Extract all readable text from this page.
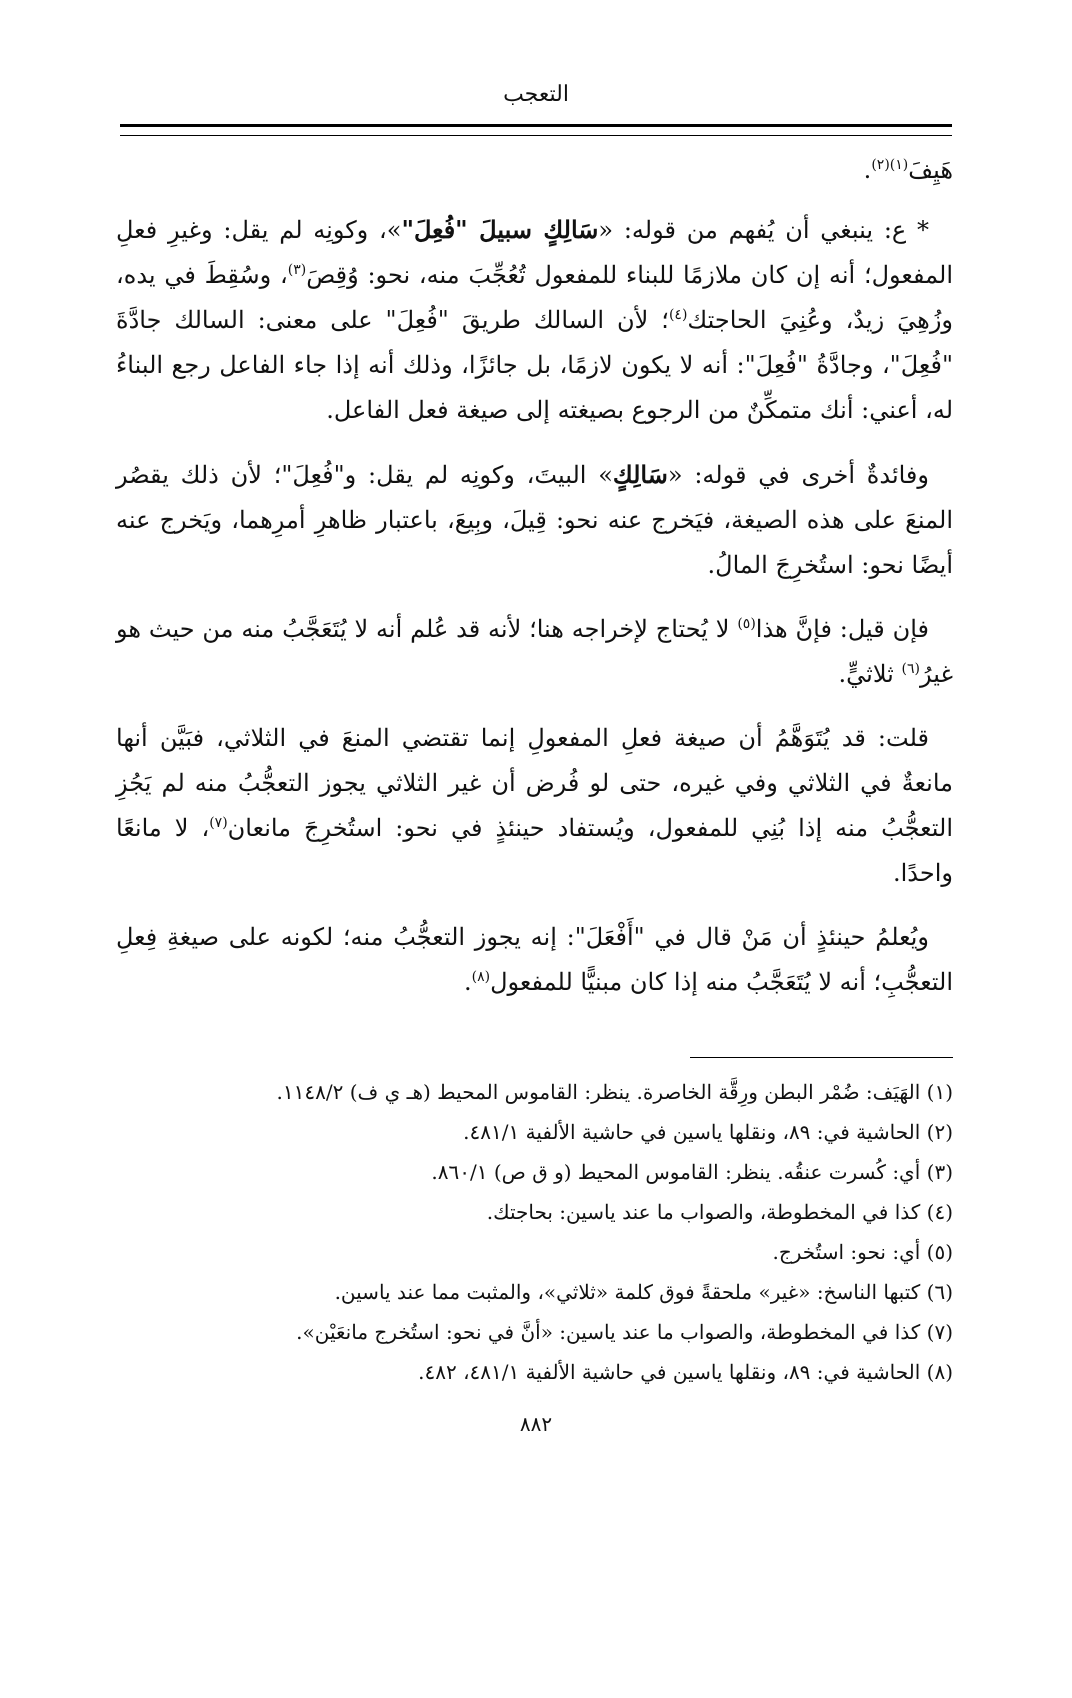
التعجب

هَيِفَ$^{(١)(٢)}$.

* ع: ينبغي أن يُفهم من قوله: «سَالِكٍ سبيلَ "فُعِلَ"»، وكونِه لم يقل: وغيرِ فعلِ المفعول؛ أنه إن كان ملازمًا للبناء للمفعول تُعُجِّبَ منه، نحو: وُقِصَ$^{(٣)}$، وسُقِطَ في يده، وزُهِيَ زيدٌ، وعُنِيَ الحاجتك$^{(٤)}$؛ لأن السالك طريقَ "فُعِلَ" على معنى: السالك جادَّةَ "فُعِلَ"، وجادَّةُ "فُعِلَ": أنه لا يكون لازمًا، بل جائزًا، وذلك أنه إذا جاء الفاعل رجع البناءُ له، أعني: أنك متمكِّنٌ من الرجوع بصيغته إلى صيغة فعل الفاعل.

وفائدةٌ أخرى في قوله: «سَالِكٍ» البيتَ، وكونِه لم يقل: و"فُعِلَ"؛ لأن ذلك يقصُر المنعَ على هذه الصيغة، فيَخرج عنه نحو: قِيلَ، وبِيعَ، باعتبار ظاهرِ أمرِهما، ويَخرج عنه أيضًا نحو: استُخرِجَ المالُ.

فإن قيل: فإنَّ هذا$^{(٥)}$ لا يُحتاج لإخراجه هنا؛ لأنه قد عُلم أنه لا يُتَعَجَّبُ منه من حيث هو غيرُ$^{(٦)}$ ثلاثيٍّ.

قلت: قد يُتَوَهَّمُ أن صيغة فعلِ المفعولِ إنما تقتضي المنعَ في الثلاثي، فبَيَّن أنها مانعةٌ في الثلاثي وفي غيره، حتى لو فُرض أن غير الثلاثي يجوز التعجُّبُ منه لم يَجُزِ التعجُّبُ منه إذا بُنِي للمفعول، ويُستفاد حينئذٍ في نحو: استُخرِجَ مانعان$^{(٧)}$، لا مانعًا واحدًا.

ويُعلمُ حينئذٍ أن مَنْ قال في "أَفْعَلَ": إنه يجوز التعجُّبُ منه؛ لكونه على صيغةِ فِعلِ التعجُّبِ؛ أنه لا يُتَعَجَّبُ منه إذا كان مبنيًّا للمفعول$^{(٨)}$.

(١) الهَيَف: ضُمْر البطن ورِقَّة الخاصرة. ينظر: القاموس المحيط (هـ ي ف) ١١٤٨/٢.
(٢) الحاشية في: ٨٩، ونقلها ياسين في حاشية الألفية ٤٨١/١.
(٣) أي: كُسرت عنقُه. ينظر: القاموس المحيط (و ق ص) ٨٦٠/١.
(٤) كذا في المخطوطة، والصواب ما عند ياسين: بحاجتك.
(٥) أي: نحو: استُخرج.
(٦) كتبها الناسخ: «غير» ملحقةً فوق كلمة «ثلاثي»، والمثبت مما عند ياسين.
(٧) كذا في المخطوطة، والصواب ما عند ياسين: «أنَّ في نحو: استُخرج مانعَيْن».
(٨) الحاشية في: ٨٩، ونقلها ياسين في حاشية الألفية ٤٨١/١، ٤٨٢.
٨٨٢
